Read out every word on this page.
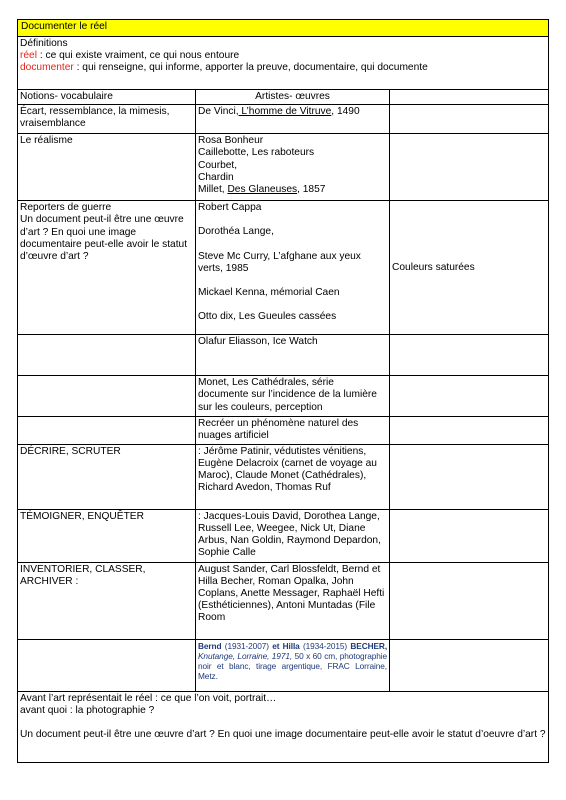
Documenter le réel		

Définitions
réel : ce qui existe vraiment, ce qui nous entoure
documenter : qui renseigne, qui informe, apporter la preuve, documentaire, qui documente		

Notions- vocabulaire	Artistes- œuvres	
Écart, ressemblance, la mimesis, vraisemblance	De Vinci, L’homme de Vitruve, 1490	
Le réalisme	Rosa Bonheur
Caillebotte, Les raboteurs
Courbet,
Chardin
Millet, Des Glaneuses, 1857	

Reporters de guerre
Un document peut-il être une œuvre d’art ? En quoi une image documentaire peut-elle avoir le statut d’œuvre d’art ?	Robert Cappa
Dorothéa Lange,
Steve Mc Curry, L’afghane aux yeux verts, 1985
Mickael Kenna, mémorial Caen
Otto dix, Les Gueules cassées	Couleurs saturées
	Olafur Eliasson, Ice Watch	
	Monet, Les Cathédrales, série documente sur l’incidence de la lumière sur les couleurs, perception	
	Recréer un phénomène naturel des nuages artificiel	
DÉCRIRE, SCRUTER	: Jérôme Patinir, védutistes vénitiens, Eugène Delacroix (carnet de voyage au Maroc), Claude Monet (Cathédrales), Richard Avedon, Thomas Ruf	
TÉMOIGNER, ENQUÊTER	: Jacques-Louis David, Dorothea Lange, Russell Lee, Weegee, Nick Ut, Diane Arbus, Nan Goldin, Raymond Depardon, Sophie Calle	
INVENTORIER, CLASSER, ARCHIVER :	August Sander, Carl Blossfeldt, Bernd et Hilla Becher, Roman Opalka, John Coplans, Anette Messager, Raphaël Hefti (Esthéticiennes), Antoni Muntadas (File Room	
	Bernd (1931-2007) et Hilla (1934-2015) BECHER, Knutange, Lorraine, 1971, 50 x 60 cm, photographie noir et blanc, tirage argentique, FRAC Lorraine, Metz.	

Avant l’art représentait le réel : ce que l’on voit, portrait…
avant quoi : la photographie ?
Un document peut-il être une œuvre d’art ? En quoi une image documentaire peut-elle avoir le statut d’oeuvre d’art ?		
